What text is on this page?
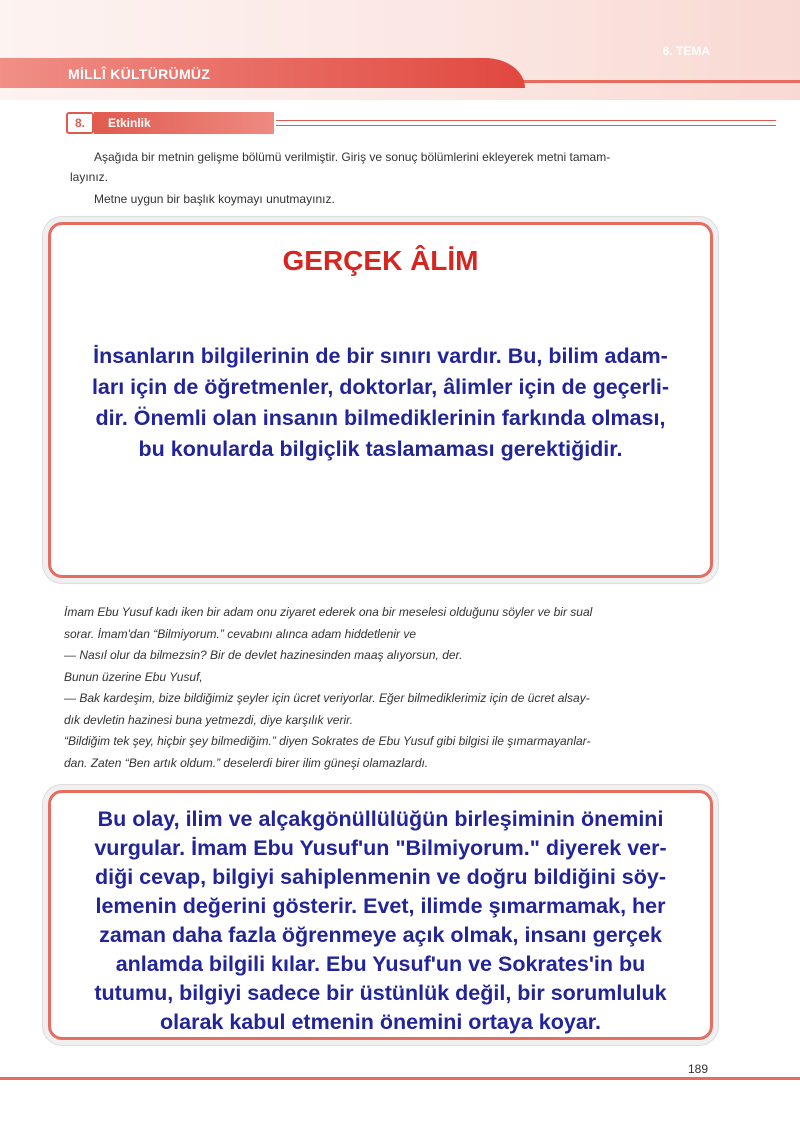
MİLLÎ KÜLTÜRÜMÜZ
6. TEMA
8.	Etkinlik
Aşağıda bir metnin gelişme bölümü verilmiştir. Giriş ve sonuç bölümlerini ekleyerek metni tamam-
layınız.
Metne uygun bir başlık koymayı unutmayınız.
GERÇEK ÂLİM
İnsanların bilgilerinin de bir sınırı vardır. Bu, bilim adam-
ları için de öğretmenler, doktorlar, âlimler için de geçerli-
dir. Önemli olan insanın bilmediklerinin farkında olması,
bu konularda bilgiçlik taslamaması gerektiğidir.

İmam Ebu Yusuf kadı iken bir adam onu ziyaret ederek ona bir meselesi olduğunu söyler ve bir sual

sorar. İmam'dan “Bilmiyorum.” cevabını alınca adam hiddetlenir ve

— Nasıl olur da bilmezsin? Bir de devlet hazinesinden maaş alıyorsun, der.

Bunun üzerine Ebu Yusuf,

— Bak kardeşim, bize bildiğimiz şeyler için ücret veriyorlar. Eğer bilmediklerimiz için de ücret alsay-

dık devletin hazinesi buna yetmezdi, diye karşılık verir.

“Bildiğim tek şey, hiçbir şey bilmediğim.” diyen Sokrates de Ebu Yusuf gibi bilgisi ile şımarmayanlar-

dan. Zaten “Ben artık oldum.” deselerdi birer ilim güneşi olamazlardı.

Bu olay, ilim ve alçakgönüllülüğün birleşiminin önemini
vurgular. İmam Ebu Yusuf'un "Bilmiyorum." diyerek ver-
diği cevap, bilgiyi sahiplenmenin ve doğru bildiğini söy-
lemenin değerini gösterir. Evet, ilimde şımarmamak, her
zaman daha fazla öğrenmeye açık olmak, insanı gerçek
anlamda bilgili kılar. Ebu Yusuf'un ve Sokrates'in bu
tutumu, bilgiyi sadece bir üstünlük değil, bir sorumluluk
olarak kabul etmenin önemini ortaya koyar.
189
